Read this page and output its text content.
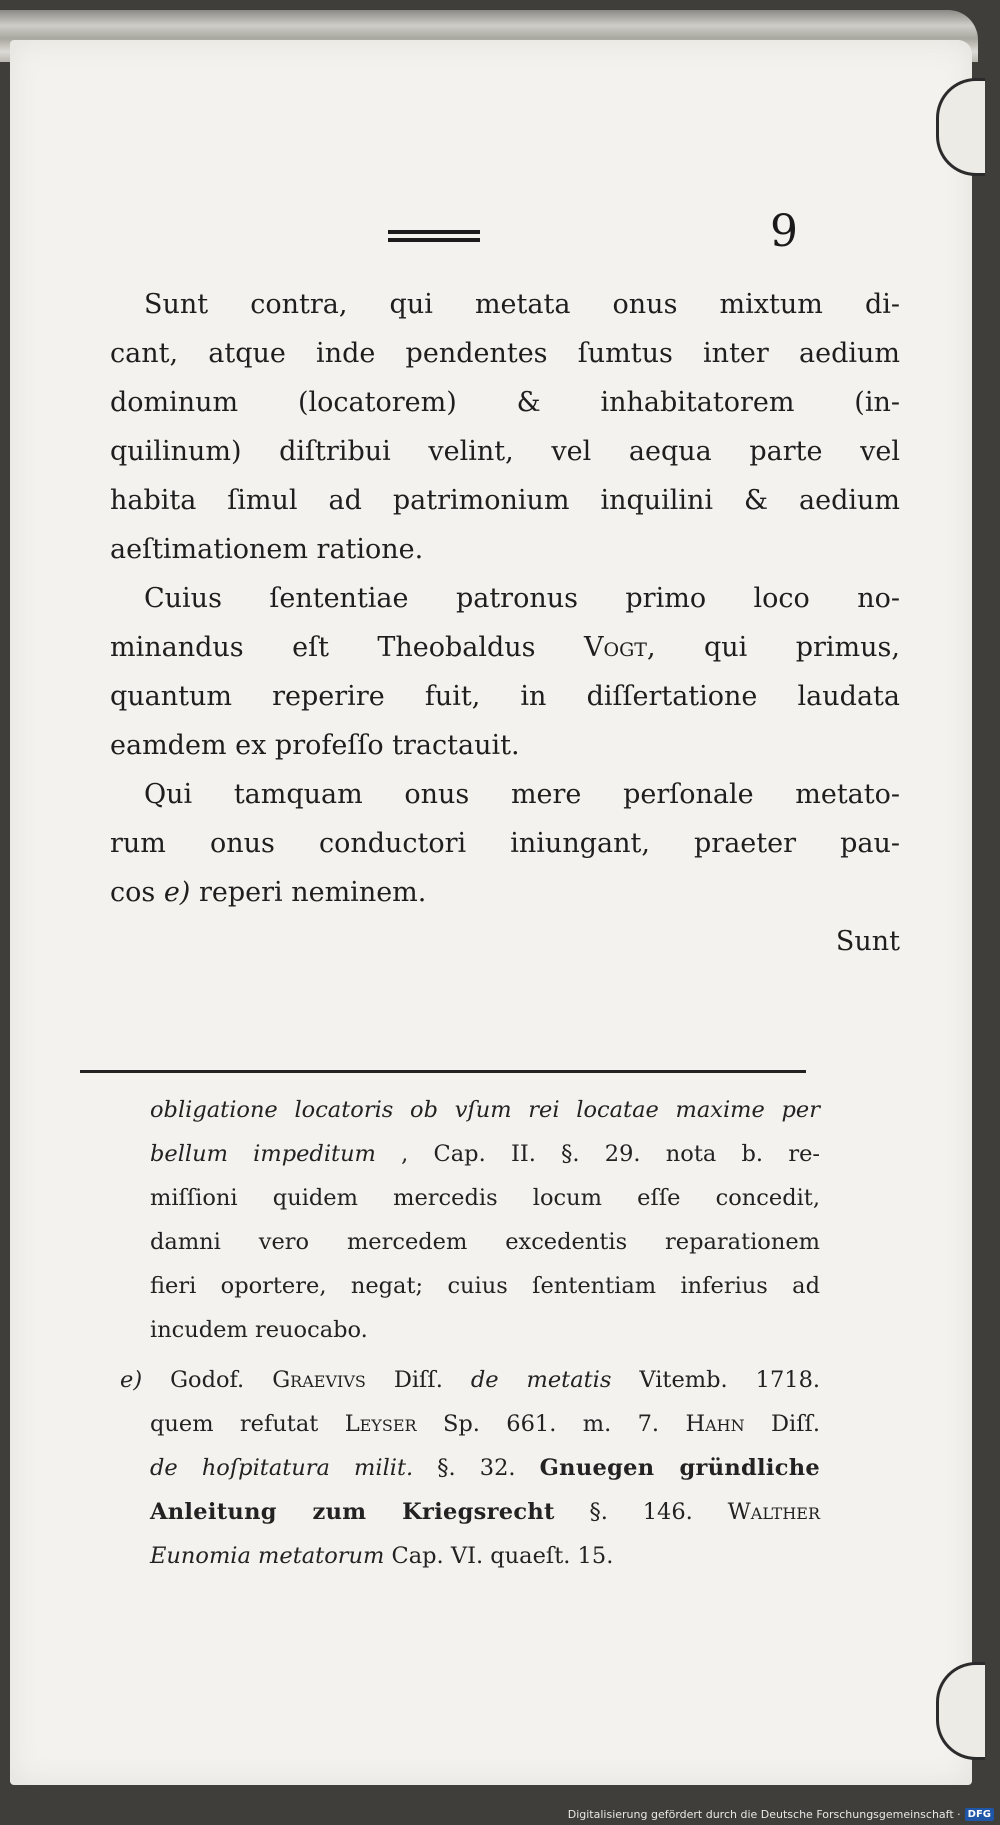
9

Sunt contra, qui metata onus mixtum di-
cant, atque inde pendentes ſumtus inter aedium
dominum (locatorem) & inhabitatorem (in-
quilinum) diſtribui velint, vel aequa parte vel
habita ſimul ad patrimonium inquilini & aedium
aeſtimationem ratione.

Cuius ſententiae patronus primo loco no-
minandus eſt Theobaldus Vogt, qui primus,
quantum reperire fuit, in diſſertatione laudata
eamdem ex profeſſo tractauit.

Qui tamquam onus mere perſonale metato-
rum onus conductori iniungant, praeter pau-
cos e) reperi neminem.

Sunt
obligatione locatoris ob vſum rei locatae maxime per
bellum impeditum , Cap. II. §. 29. nota b. re-
miſſioni quidem mercedis locum eſſe concedit,
damni vero mercedem excedentis reparationem
fieri oportere, negat; cuius ſententiam inferius ad
incudem reuocabo.
e) Godof. Graevivs Diſſ. de metatis Vitemb. 1718.
quem refutat Leyser Sp. 661. m. 7. Hahn Diſſ.
de hoſpitatura milit. §. 32. Gnuegen gründliche
Anleitung zum Kriegsrecht §. 146. Walther
Eunomia metatorum Cap. VI. quaeſt. 15.
Digitalisierung gefördert durch die Deutsche Forschungsgemeinschaft · DFG
